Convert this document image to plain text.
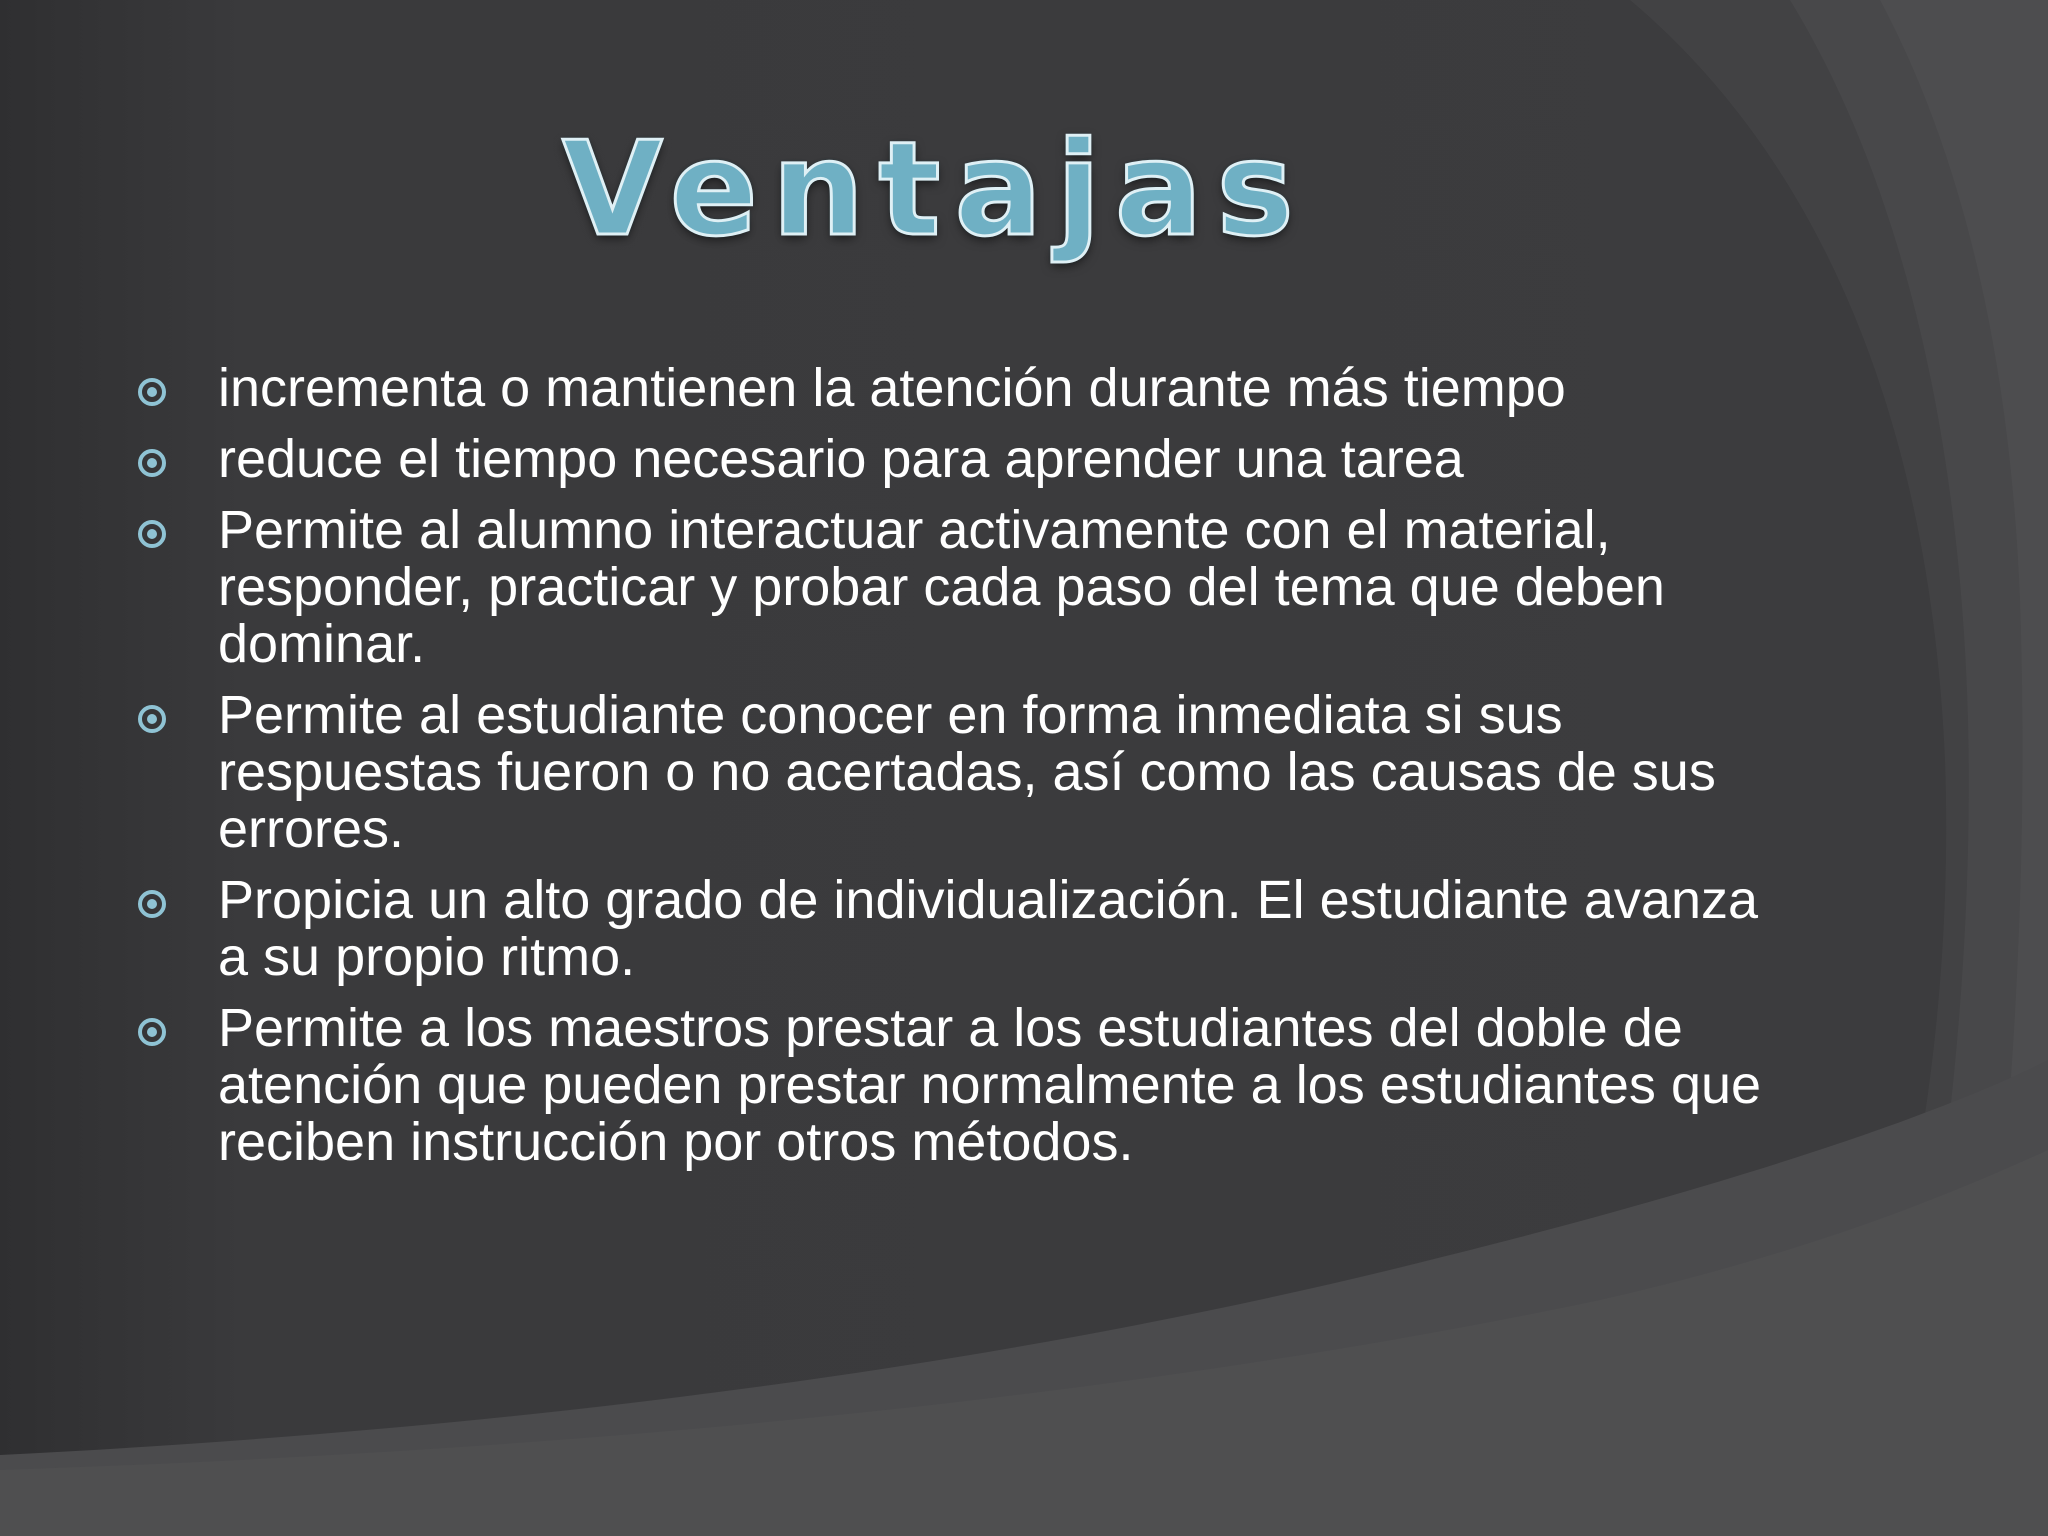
Ventajas
incrementa o mantienen la atención durante más tiempo
reduce el tiempo necesario para aprender una tarea
Permite al alumno interactuar activamente con el material, responder, practicar y probar cada paso del tema que deben dominar.
Permite al estudiante conocer en forma inmediata si sus respuestas fueron o no acertadas, así como las causas de sus errores.
Propicia un alto grado de individualización. El estudiante avanza a su propio ritmo.
Permite a los maestros prestar a los estudiantes del doble de atención que pueden prestar normalmente a los estudiantes que reciben instrucción por otros métodos.
